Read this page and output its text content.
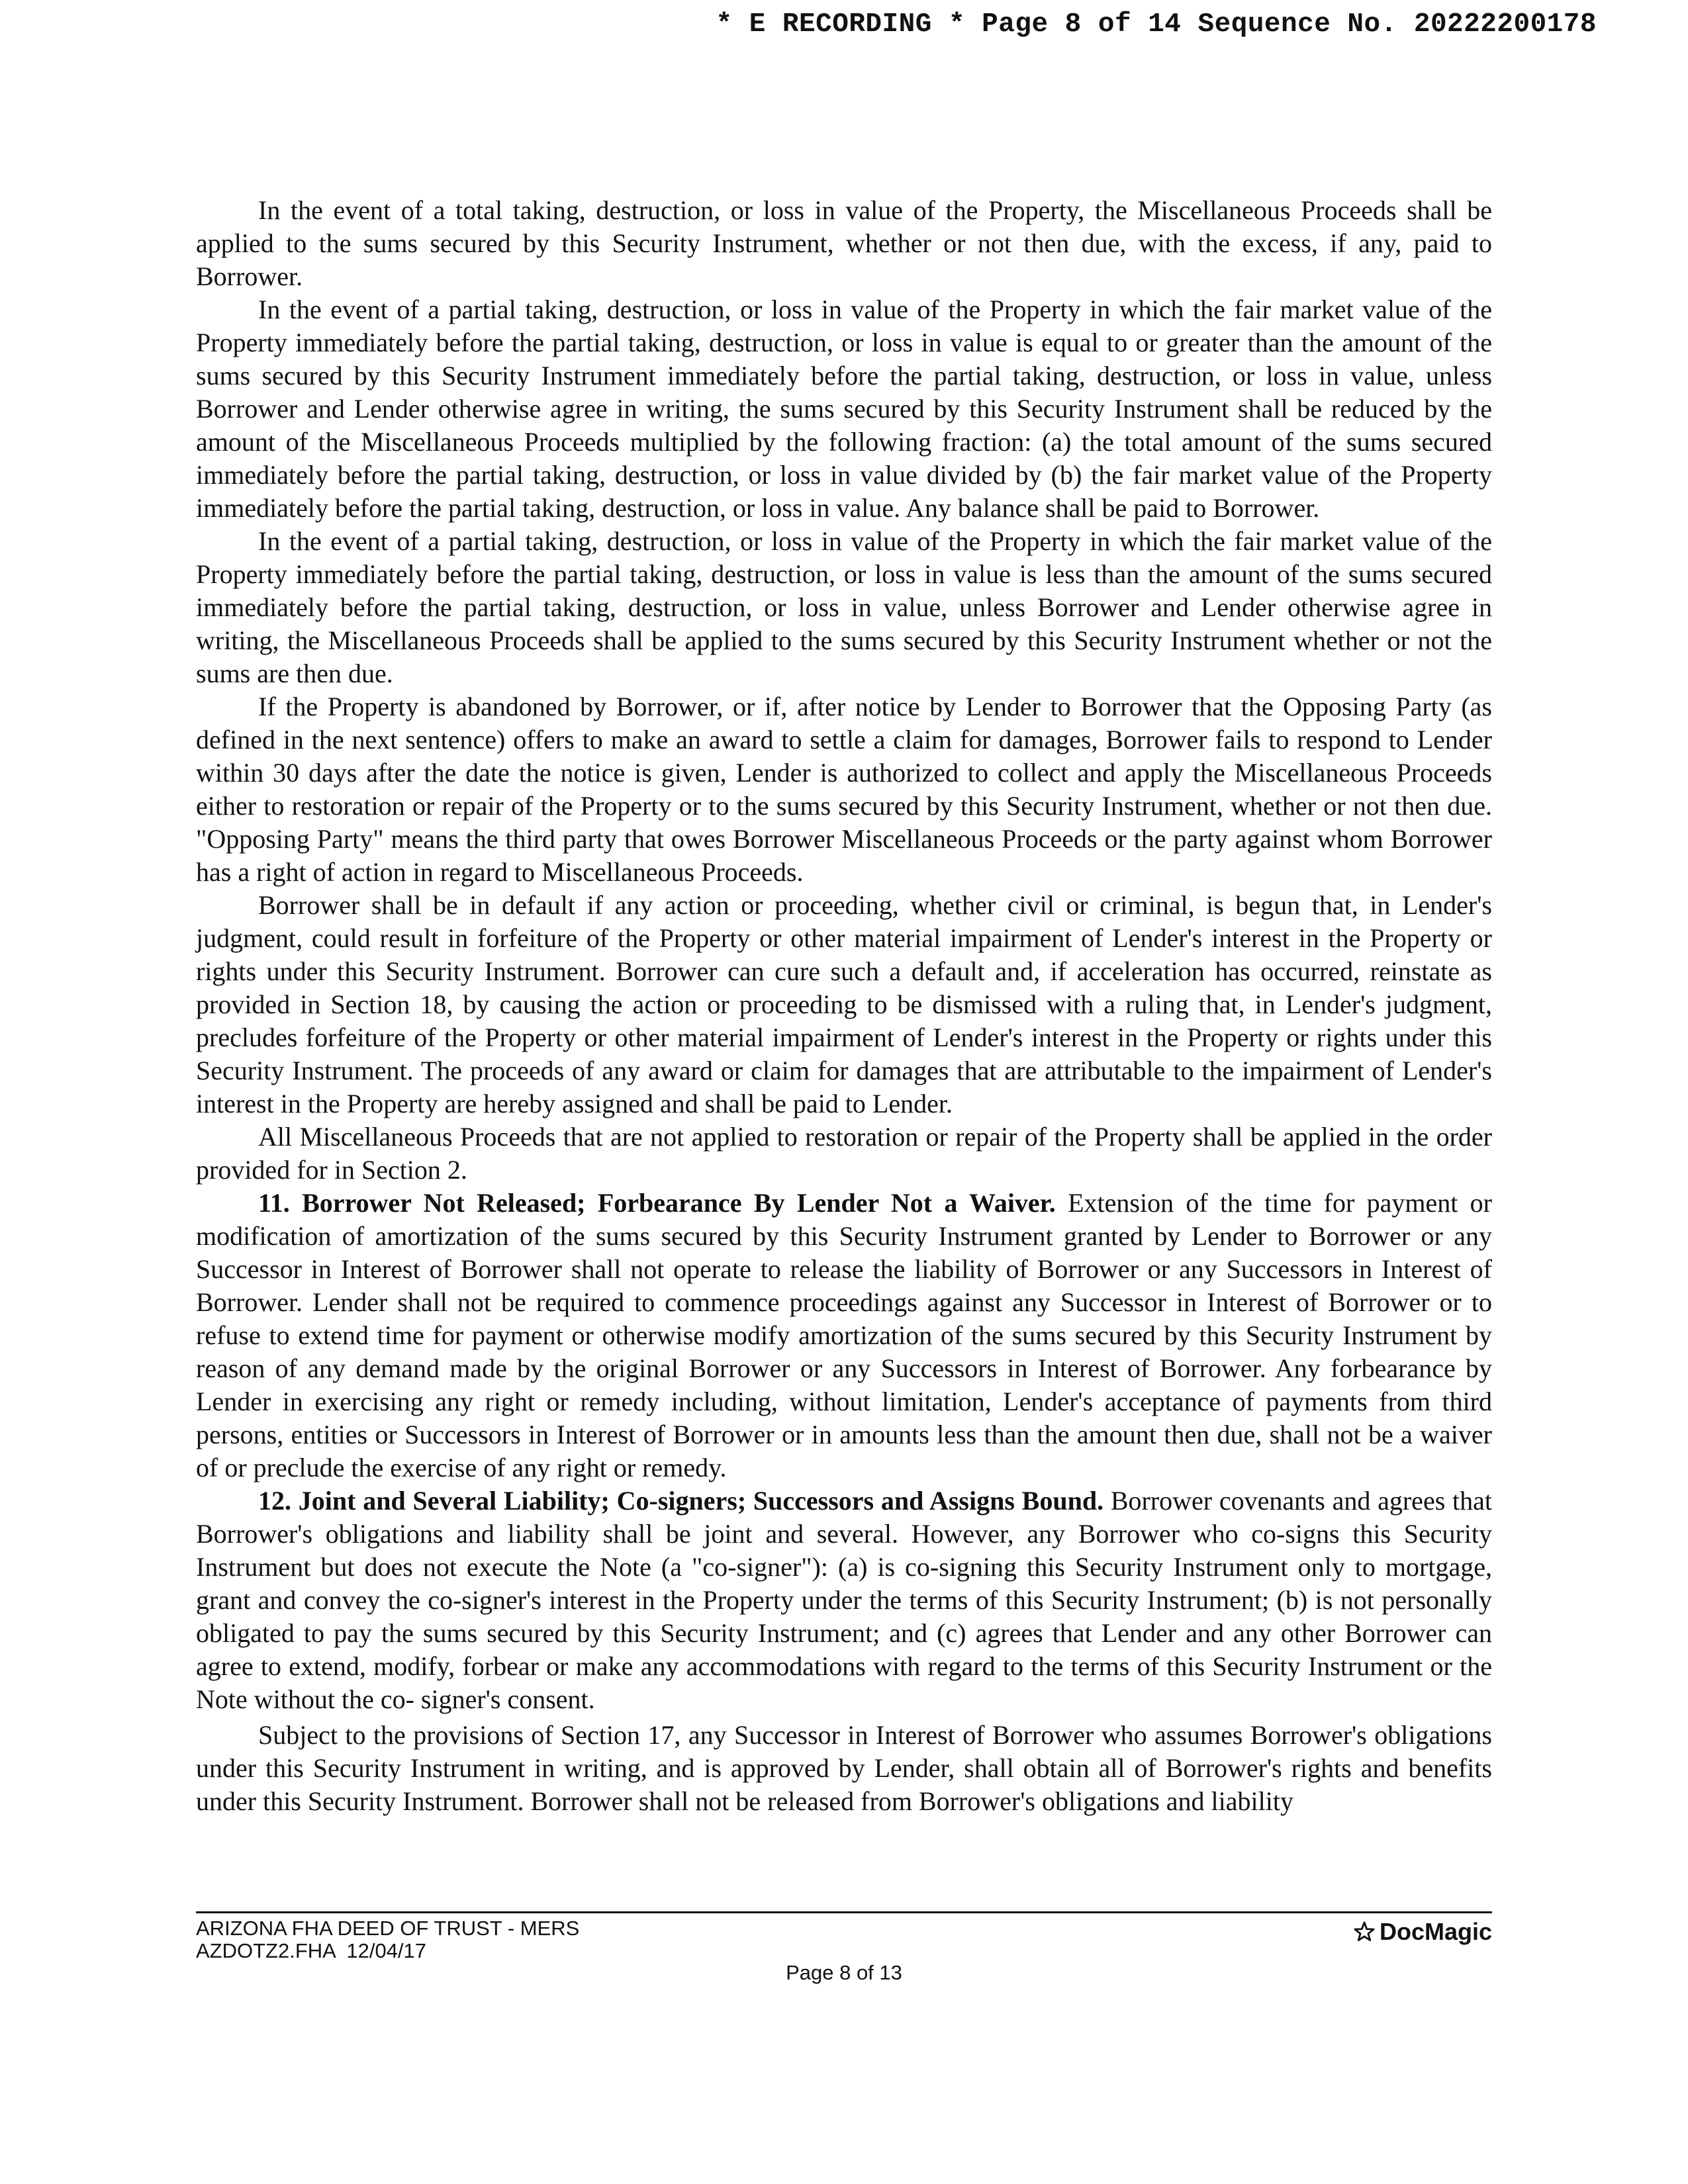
* E RECORDING * Page 8 of 14 Sequence No. 20222200178

In the event of a total taking, destruction, or loss in value of the Property, the Miscellaneous Proceeds shall be applied to the sums secured by this Security Instrument, whether or not then due, with the excess, if any, paid to Borrower.

In the event of a partial taking, destruction, or loss in value of the Property in which the fair market value of the Property immediately before the partial taking, destruction, or loss in value is equal to or greater than the amount of the sums secured by this Security Instrument immediately before the partial taking, destruction, or loss in value, unless Borrower and Lender otherwise agree in writing, the sums secured by this Security Instrument shall be reduced by the amount of the Miscellaneous Proceeds multiplied by the following fraction: (a) the total amount of the sums secured immediately before the partial taking, destruction, or loss in value divided by (b) the fair market value of the Property immediately before the partial taking, destruction, or loss in value. Any balance shall be paid to Borrower.

In the event of a partial taking, destruction, or loss in value of the Property in which the fair market value of the Property immediately before the partial taking, destruction, or loss in value is less than the amount of the sums secured immediately before the partial taking, destruction, or loss in value, unless Borrower and Lender otherwise agree in writing, the Miscellaneous Proceeds shall be applied to the sums secured by this Security Instrument whether or not the sums are then due.

If the Property is abandoned by Borrower, or if, after notice by Lender to Borrower that the Opposing Party (as defined in the next sentence) offers to make an award to settle a claim for damages, Borrower fails to respond to Lender within 30 days after the date the notice is given, Lender is authorized to collect and apply the Miscellaneous Proceeds either to restoration or repair of the Property or to the sums secured by this Security Instrument, whether or not then due. "Opposing Party" means the third party that owes Borrower Miscellaneous Proceeds or the party against whom Borrower has a right of action in regard to Miscellaneous Proceeds.

Borrower shall be in default if any action or proceeding, whether civil or criminal, is begun that, in Lender's judgment, could result in forfeiture of the Property or other material impairment of Lender's interest in the Property or rights under this Security Instrument. Borrower can cure such a default and, if acceleration has occurred, reinstate as provided in Section 18, by causing the action or proceeding to be dismissed with a ruling that, in Lender's judgment, precludes forfeiture of the Property or other material impairment of Lender's interest in the Property or rights under this Security Instrument. The proceeds of any award or claim for damages that are attributable to the impairment of Lender's interest in the Property are hereby assigned and shall be paid to Lender.

All Miscellaneous Proceeds that are not applied to restoration or repair of the Property shall be applied in the order provided for in Section 2.

11. Borrower Not Released; Forbearance By Lender Not a Waiver. Extension of the time for payment or modification of amortization of the sums secured by this Security Instrument granted by Lender to Borrower or any Successor in Interest of Borrower shall not operate to release the liability of Borrower or any Successors in Interest of Borrower. Lender shall not be required to commence proceedings against any Successor in Interest of Borrower or to refuse to extend time for payment or otherwise modify amortization of the sums secured by this Security Instrument by reason of any demand made by the original Borrower or any Successors in Interest of Borrower. Any forbearance by Lender in exercising any right or remedy including, without limitation, Lender's acceptance of payments from third persons, entities or Successors in Interest of Borrower or in amounts less than the amount then due, shall not be a waiver of or preclude the exercise of any right or remedy.

12. Joint and Several Liability; Co-signers; Successors and Assigns Bound. Borrower covenants and agrees that Borrower's obligations and liability shall be joint and several. However, any Borrower who co-signs this Security Instrument but does not execute the Note (a "co-signer"): (a) is co-signing this Security Instrument only to mortgage, grant and convey the co-signer's interest in the Property under the terms of this Security Instrument; (b) is not personally obligated to pay the sums secured by this Security Instrument; and (c) agrees that Lender and any other Borrower can agree to extend, modify, forbear or make any accommodations with regard to the terms of this Security Instrument or the Note without the co- signer's consent.

Subject to the provisions of Section 17, any Successor in Interest of Borrower who assumes Borrower's obligations under this Security Instrument in writing, and is approved by Lender, shall obtain all of Borrower's rights and benefits under this Security Instrument. Borrower shall not be released from Borrower's obligations and liability

ARIZONA FHA DEED OF TRUST - MERS
AZDOTZ2.FHA  12/04/17
Page 8 of 13
DocMagic
